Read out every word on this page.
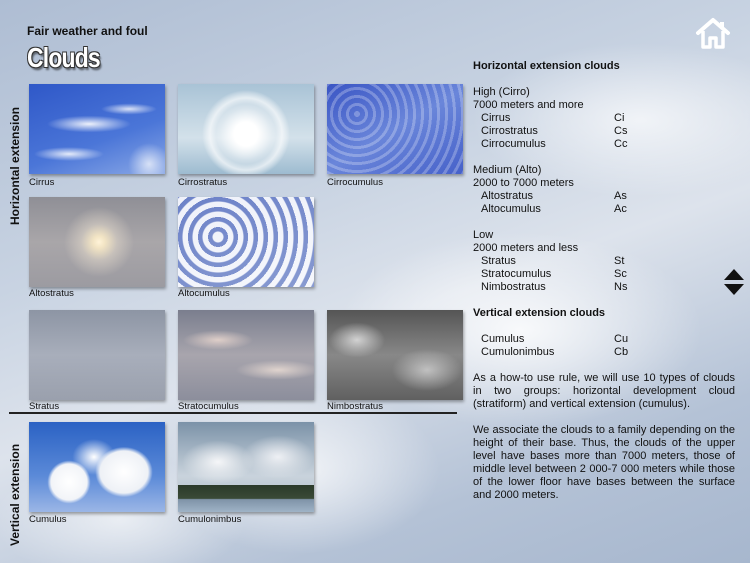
Fair weather and foul
Clouds
Horizontal extension
Vertical extension
Cirrus	Cirrostratus	Cirrocumulus
Altostratus	Altocumulus
Stratus	Stratocumulus	Nimbostratus
Cumulus	Cumulonimbus
Horizontal extension clouds
High (Cirro)
7000 meters and more
Cirrus	Ci
Cirrostratus	Cs
Cirrocumulus	Cc
Medium (Alto)
2000 to 7000 meters
Altostratus	As
Altocumulus	Ac
Low
2000 meters and less
Stratus	St
Stratocumulus	Sc
Nimbostratus	Ns
Vertical extension clouds
Cumulus	Cu
Cumulonimbus	Cb

As a how-to use rule, we will use 10 types of clouds in two groups: horizontal development cloud (stratiform) and vertical extension (cumulus).

We associate the clouds to a family depending on the height of their base. Thus, the clouds of the upper level have bases more than 7000 meters, those of middle level between 2 000-7 000 meters while those of the lower floor have bases between the surface and 2000 meters.
